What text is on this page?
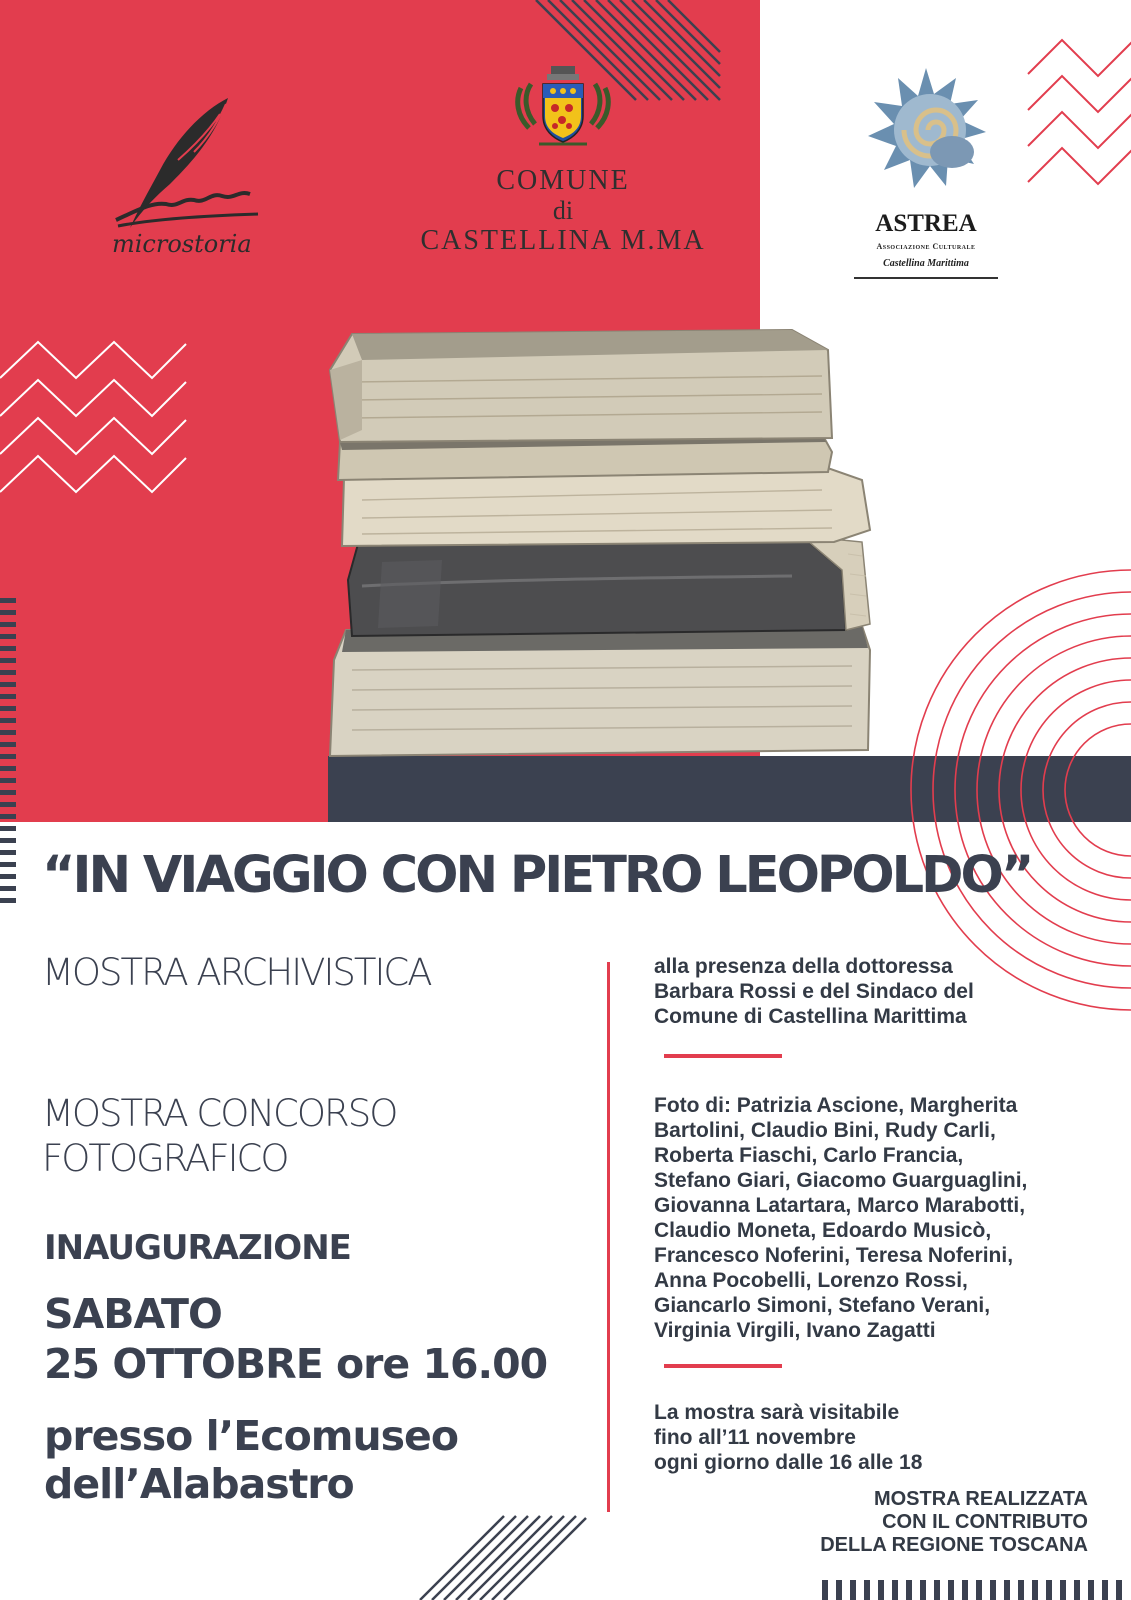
microstoria
COMUNE
di
CASTELLINA M.MA
ASTREA
Associazione Culturale
Castellina Marittima
“IN VIAGGIO CON PIETRO LEOPOLDO”
MOSTRA ARCHIVISTICA
MOSTRA CONCORSO
FOTOGRAFICO
INAUGURAZIONE
SABATO
25 OTTOBRE ore 16.00
presso l’Ecomuseo
dell’Alabastro
alla presenza della dottoressa
Barbara Rossi e del Sindaco del
Comune di Castellina Marittima
Foto di: Patrizia Ascione, Margherita
Bartolini, Claudio Bini, Rudy Carli,
Roberta Fiaschi, Carlo Francia,
Stefano Giari, Giacomo Guarguaglini,
Giovanna Latartara, Marco Marabotti,
Claudio Moneta, Edoardo Musicò,
Francesco Noferini, Teresa Noferini,
Anna Pocobelli, Lorenzo Rossi,
Giancarlo Simoni, Stefano Verani,
Virginia Virgili, Ivano Zagatti
La mostra sarà visitabile
fino all’11 novembre
ogni giorno dalle 16 alle 18
MOSTRA REALIZZATA
CON IL CONTRIBUTO
DELLA REGIONE TOSCANA
